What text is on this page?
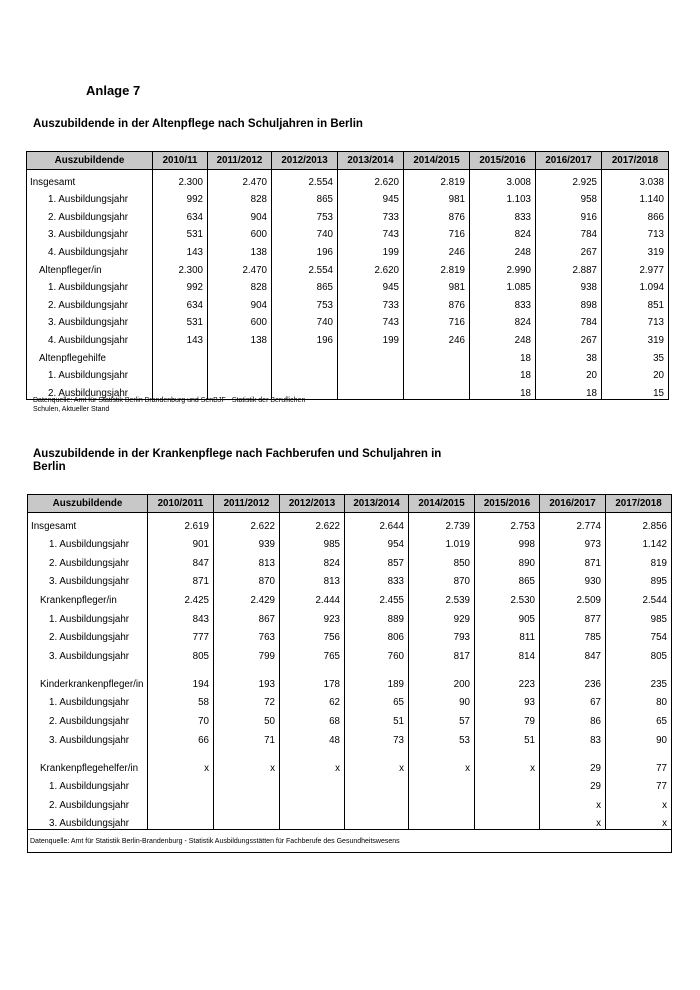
Anlage 7
Auszubildende in der Altenpflege nach Schuljahren in Berlin
Auszubildende	2010/11	2011/2012	2012/2013	2013/2014	2014/2015	2015/2016	2016/2017	2017/2018
Insgesamt	2.300	2.470	2.554	2.620	2.819	3.008	2.925	3.038
1. Ausbildungsjahr	992	828	865	945	981	1.103	958	1.140
2. Ausbildungsjahr	634	904	753	733	876	833	916	866
3. Ausbildungsjahr	531	600	740	743	716	824	784	713
4. Ausbildungsjahr	143	138	196	199	246	248	267	319
Altenpfleger/in	2.300	2.470	2.554	2.620	2.819	2.990	2.887	2.977
1. Ausbildungsjahr	992	828	865	945	981	1.085	938	1.094
2. Ausbildungsjahr	634	904	753	733	876	833	898	851
3. Ausbildungsjahr	531	600	740	743	716	824	784	713
4. Ausbildungsjahr	143	138	196	199	246	248	267	319
Altenpflegehilfe						18	38	35
1. Ausbildungsjahr						18	20	20
2. Ausbildungsjahr						18	18	15
Datenquelle: Amt für Statistik Berlin Brandenburg und SenBJF - Statistik der Beruflichen Schulen, Aktueller Stand
Auszubildende in der Krankenpflege nach Fachberufen und Schuljahren in Berlin
Auszubildende	2010/2011	2011/2012	2012/2013	2013/2014	2014/2015	2015/2016	2016/2017	2017/2018
Insgesamt	2.619	2.622	2.622	2.644	2.739	2.753	2.774	2.856
1. Ausbildungsjahr	901	939	985	954	1.019	998	973	1.142
2. Ausbildungsjahr	847	813	824	857	850	890	871	819
3. Ausbildungsjahr	871	870	813	833	870	865	930	895
Krankenpfleger/in	2.425	2.429	2.444	2.455	2.539	2.530	2.509	2.544
1. Ausbildungsjahr	843	867	923	889	929	905	877	985
2. Ausbildungsjahr	777	763	756	806	793	811	785	754
3. Ausbildungsjahr	805	799	765	760	817	814	847	805
Kinderkrankenpfleger/in	194	193	178	189	200	223	236	235
1. Ausbildungsjahr	58	72	62	65	90	93	67	80
2. Ausbildungsjahr	70	50	68	51	57	79	86	65
3. Ausbildungsjahr	66	71	48	73	53	51	83	90
Krankenpflegehelfer/in	x	x	x	x	x	x	29	77
1. Ausbildungsjahr							29	77
2. Ausbildungsjahr							x	x
3. Ausbildungsjahr							x	x
Datenquelle: Amt für Statistik Berlin-Brandenburg - Statistik Ausbildungsstätten für Fachberufe des Gesundheitswesens								
